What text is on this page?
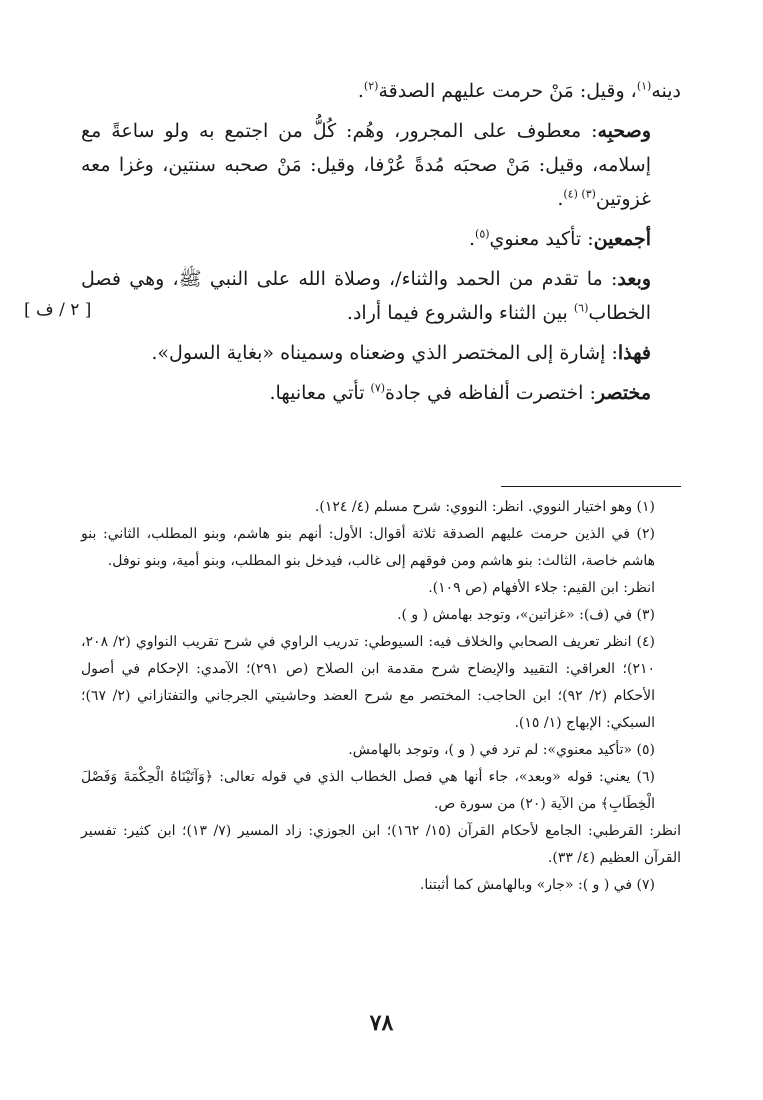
[ ٢ / ف ]

دينه$^{(١)}$، وقيل: مَنْ حرمت عليهم الصدقة$^{(٢)}$.

وصحبِه: معطوف على المجرور، وهُم: كُلُّ من اجتمع به ولو ساعةً مع إسلامه، وقيل: مَنْ صحبَه مُدةً عُرْفا، وقيل: مَنْ صحبه سنتين، وغزا معه غزوتين$^{(٣) (٤)}$.

أجمعين: تأكيد معنوي$^{(٥)}$.

وبعد: ما تقدم من الحمد والثناء/، وصلاة الله على النبي ﷺ، وهي فصل الخطاب$^{(٦)}$ بين الثناء والشروع فيما أراد.

فهذا: إشارة إلى المختصر الذي وضعناه وسميناه «بغاية السول».

مختصر: اختصرت ألفاظه في جادة$^{(٧)}$ تأتي معانيها.

(١) وهو اختيار النووي. انظر: النووي: شرح مسلم (٤/ ١٢٤).

(٢) في الذين حرمت عليهم الصدقة ثلاثة أقوال: الأول: أنهم بنو هاشم، وبنو المطلب، الثاني: بنو هاشم خاصة، الثالث: بنو هاشم ومن فوقهم إلى غالب، فيدخل بنو المطلب، وبنو أمية، وبنو نوفل.

انظر: ابن القيم: جلاء الأفهام (ص ١٠٩).

(٣) في (ف): «غزاتين»، وتوجد بهامش ( و ).

(٤) انظر تعريف الصحابي والخلاف فيه: السيوطي: تدريب الراوي في شرح تقريب النواوي (٢/ ٢٠٨، ٢١٠)؛ العراقي: التقييد والإيضاح شرح مقدمة ابن الصلاح (ص ٢٩١)؛ الآمدي: الإحكام في أصول الأحكام (٢/ ٩٢)؛ ابن الحاجب: المختصر مع شرح العضد وحاشيتي الجرجاني والتفتازاني (٢/ ٦٧)؛ السبكي: الإبهاج (١/ ١٥).

(٥) «تأكيد معنوي»: لم ترد في ( و )، وتوجد بالهامش.

(٦) يعني: قوله «وبعد»، جاء أنها هي فصل الخطاب الذي في قوله تعالى: ﴿وَآتَيْنَاهُ الْحِكْمَةَ وَفَصْلَ الْخِطَابِ﴾ من الآية (٢٠) من سورة ص.

انظر: القرطبي: الجامع لأحكام القرآن (١٥/ ١٦٢)؛ ابن الجوزي: زاد المسير (٧/ ١٣)؛ ابن كثير: تفسير القرآن العظيم (٤/ ٣٣).

(٧) في ( و ): «جار» وبالهامش كما أثبتنا.

٧٨
